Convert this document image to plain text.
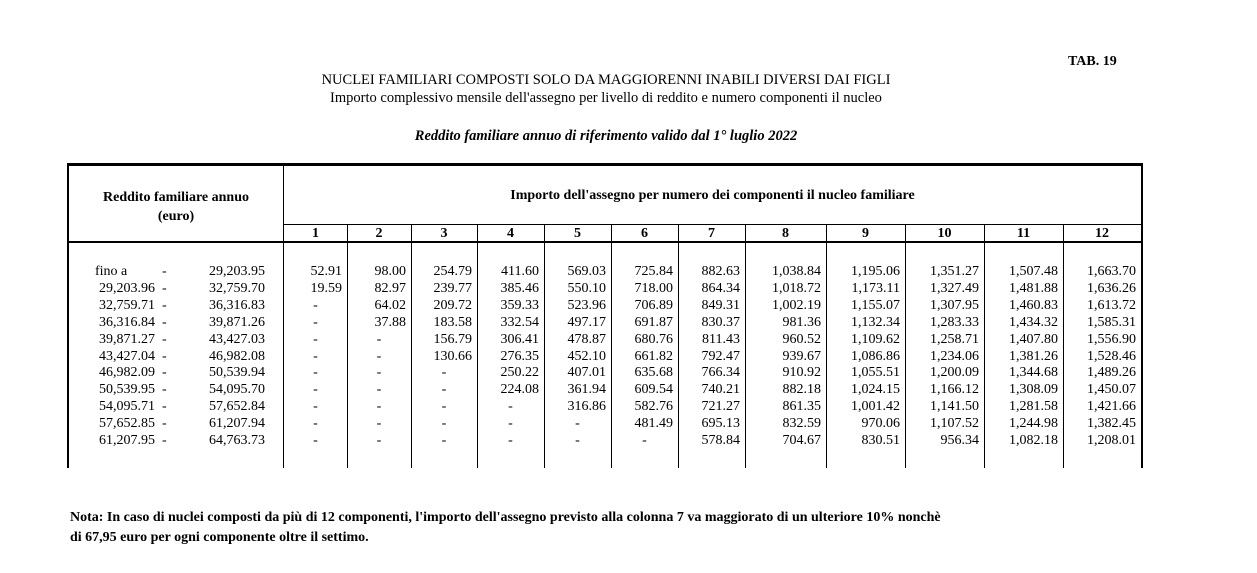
TAB. 19
NUCLEI FAMILIARI COMPOSTI SOLO DA MAGGIORENNI INABILI DIVERSI DAI FIGLI
Importo complessivo mensile dell'assegno per livello di reddito e numero componenti il nucleo
Reddito familiare annuo di riferimento valido dal 1° luglio 2022
Reddito familiare annuo
(euro)
Importo dell'assegno per numero dei componenti il nucleo familiare
1	2	3	4	5	6	7	8	9	10	11	12
fino a -	29,203.95	52.91	98.00	254.79	411.60	569.03	725.84	882.63	1,038.84	1,195.06	1,351.27	1,507.48	1,663.70
29,203.96 -	32,759.70	19.59	82.97	239.77	385.46	550.10	718.00	864.34	1,018.72	1,173.11	1,327.49	1,481.88	1,636.26
32,759.71 -	36,316.83	-	64.02	209.72	359.33	523.96	706.89	849.31	1,002.19	1,155.07	1,307.95	1,460.83	1,613.72
36,316.84 -	39,871.26	-	37.88	183.58	332.54	497.17	691.87	830.37	981.36	1,132.34	1,283.33	1,434.32	1,585.31
39,871.27 -	43,427.03	-	-	156.79	306.41	478.87	680.76	811.43	960.52	1,109.62	1,258.71	1,407.80	1,556.90
43,427.04 -	46,982.08	-	-	130.66	276.35	452.10	661.82	792.47	939.67	1,086.86	1,234.06	1,381.26	1,528.46
46,982.09 -	50,539.94	-	-	-	250.22	407.01	635.68	766.34	910.92	1,055.51	1,200.09	1,344.68	1,489.26
50,539.95 -	54,095.70	-	-	-	224.08	361.94	609.54	740.21	882.18	1,024.15	1,166.12	1,308.09	1,450.07
54,095.71 -	57,652.84	-	-	-	-	316.86	582.76	721.27	861.35	1,001.42	1,141.50	1,281.58	1,421.66
57,652.85 -	61,207.94	-	-	-	-	-	481.49	695.13	832.59	970.06	1,107.52	1,244.98	1,382.45
61,207.95 -	64,763.73	-	-	-	-	-	-	578.84	704.67	830.51	956.34	1,082.18	1,208.01
Nota: In caso di nuclei composti da più di 12 componenti, l'importo dell'assegno previsto alla colonna 7 va maggiorato di un ulteriore 10% nonchè
di 67,95 euro per ogni componente oltre il settimo.
